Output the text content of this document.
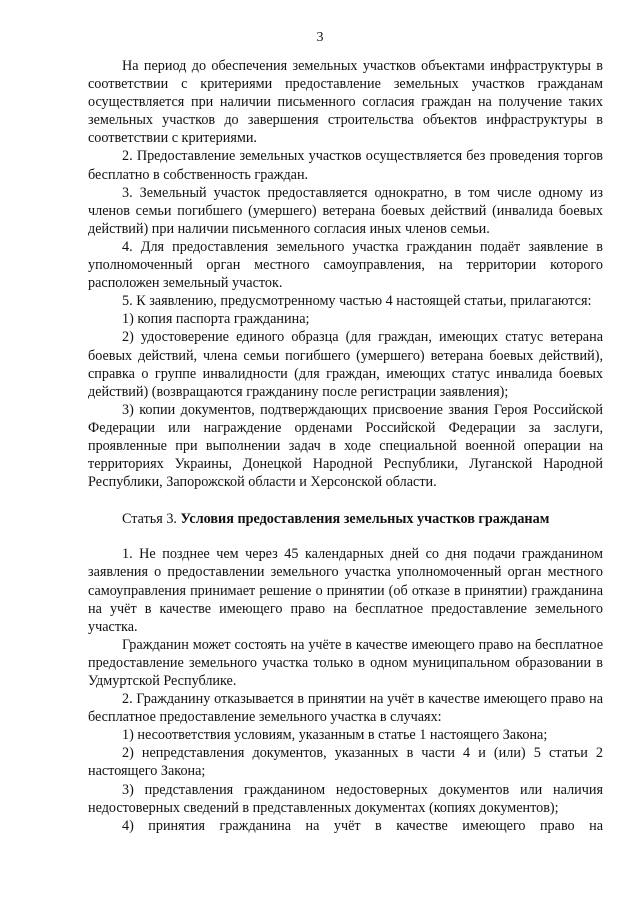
3

На период до обеспечения земельных участков объектами инфраструктуры в соответствии с критериями предоставление земельных участков гражданам осуществляется при наличии письменного согласия граждан на получение таких земельных участков до завершения строительства объектов инфраструктуры в соответствии с критериями.

2. Предоставление земельных участков осуществляется без проведения торгов бесплатно в собственность граждан.

3. Земельный участок предоставляется однократно, в том числе одному из членов семьи погибшего (умершего) ветерана боевых действий (инвалида боевых действий) при наличии письменного согласия иных членов семьи.

4. Для предоставления земельного участка гражданин подаёт заявление в уполномоченный орган местного самоуправления, на территории которого расположен земельный участок.

5. К заявлению, предусмотренному частью 4 настоящей статьи, прилагаются:

1) копия паспорта гражданина;

2) удостоверение единого образца (для граждан, имеющих статус ветерана боевых действий, члена семьи погибшего (умершего) ветерана боевых действий), справка о группе инвалидности (для граждан, имеющих статус инвалида боевых действий) (возвращаются гражданину после регистрации заявления);

3) копии документов, подтверждающих присвоение звания Героя Российской Федерации или награждение орденами Российской Федерации за заслуги, проявленные при выполнении задач в ходе специальной военной операции на территориях Украины, Донецкой Народной Республики, Луганской Народной Республики, Запорожской области и Херсонской области.

Статья 3. Условия предоставления земельных участков гражданам

1. Не позднее чем через 45 календарных дней со дня подачи гражданином заявления о предоставлении земельного участка уполномоченный орган местного самоуправления принимает решение о принятии (об отказе в принятии) гражданина на учёт в качестве имеющего право на бесплатное предоставление земельного участка.

Гражданин может состоять на учёте в качестве имеющего право на бесплатное предоставление земельного участка только в одном муниципальном образовании в Удмуртской Республике.

2. Гражданину отказывается в принятии на учёт в качестве имеющего право на бесплатное предоставление земельного участка в случаях:

1) несоответствия условиям, указанным в статье 1 настоящего Закона;

2) непредставления документов, указанных в части 4 и (или) 5 статьи 2 настоящего Закона;

3) представления гражданином недостоверных документов или наличия недостоверных сведений в представленных документах (копиях документов);

4) принятия гражданина на учёт в качестве имеющего право на
